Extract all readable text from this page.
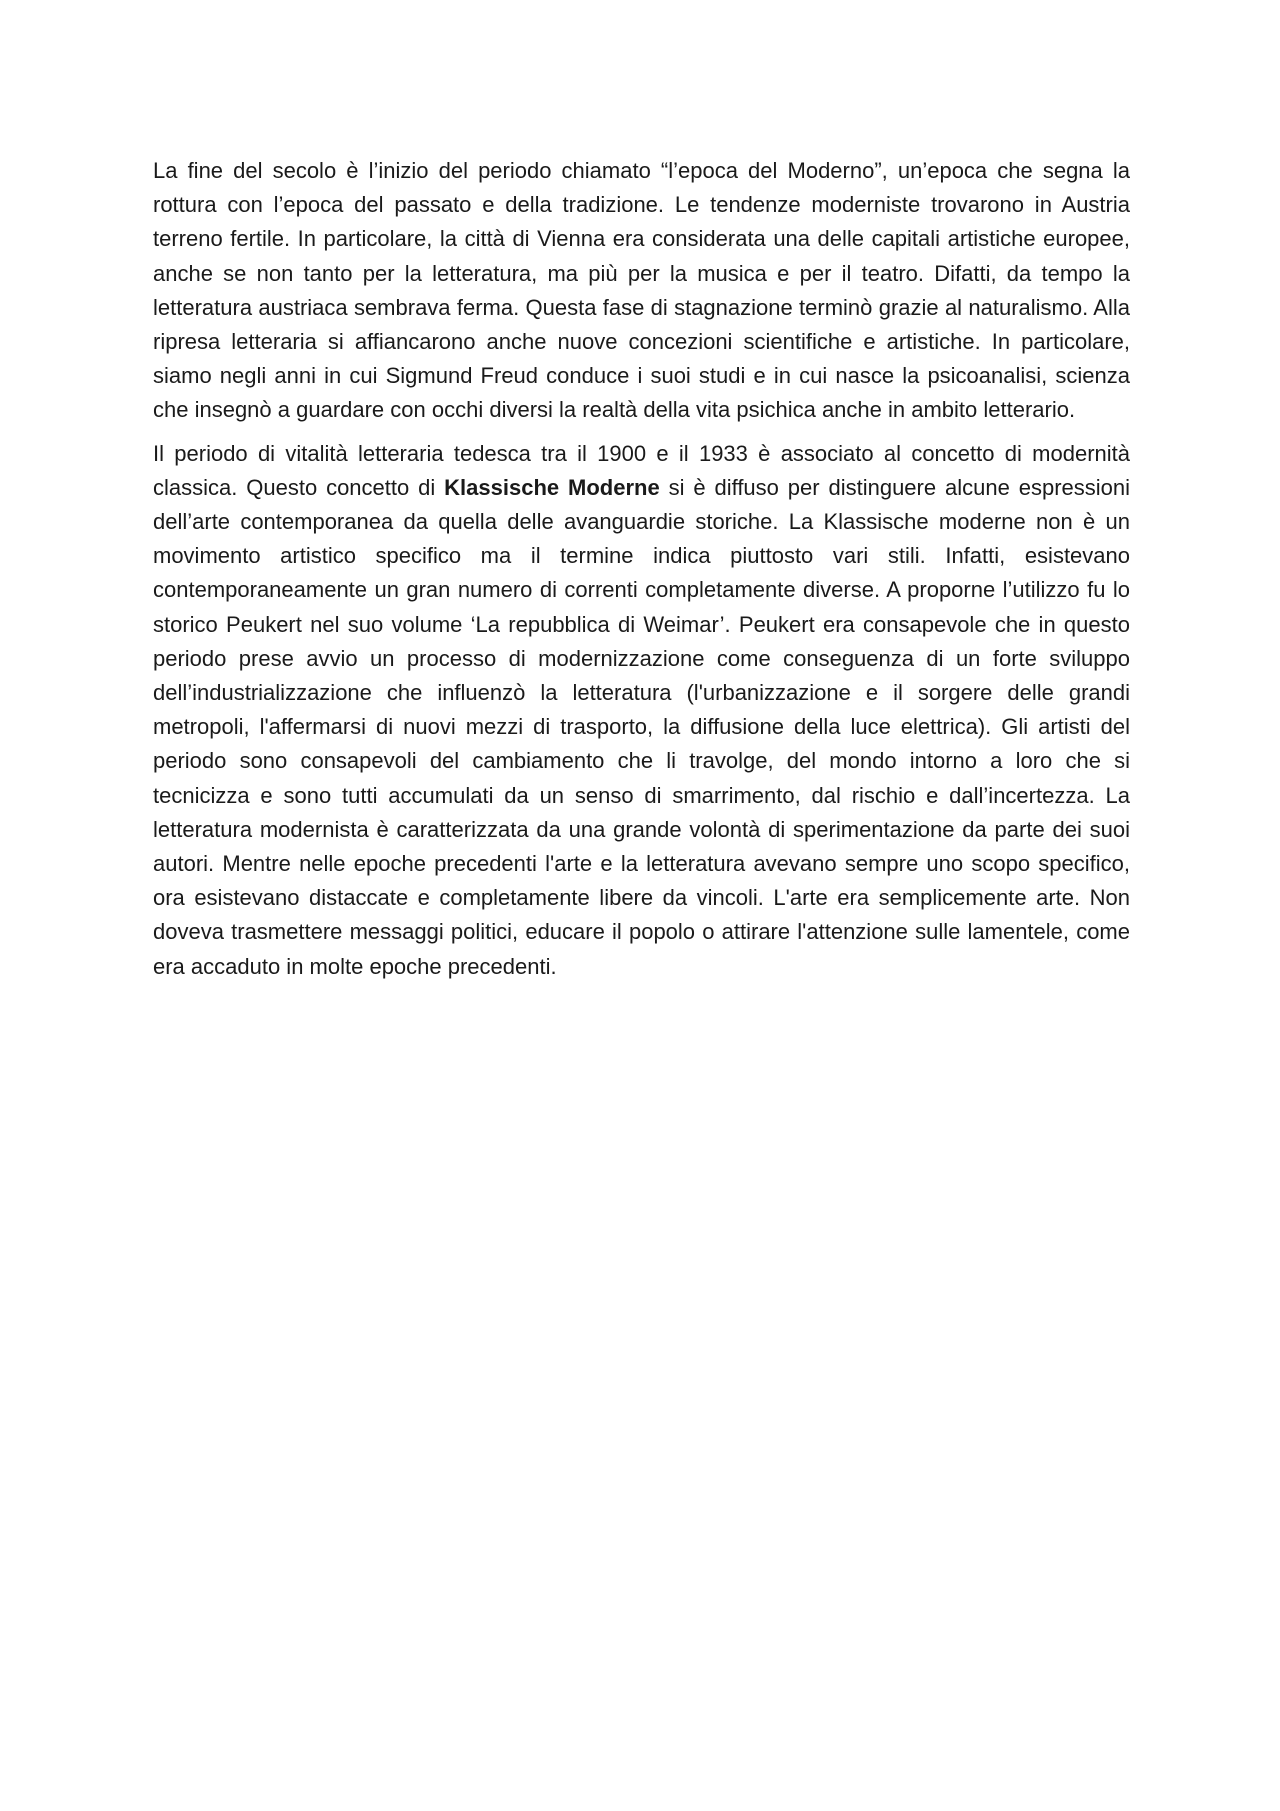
La fine del secolo è l’inizio del periodo chiamato “l’epoca del Moderno”, un’epoca che segna la rottura con l’epoca del passato e della tradizione. Le tendenze moderniste trovarono in Austria terreno fertile. In particolare, la città di Vienna era considerata una delle capitali artistiche europee, anche se non tanto per la letteratura, ma più per la musica e per il teatro. Difatti, da tempo la letteratura austriaca sembrava ferma. Questa fase di stagnazione terminò grazie al naturalismo. Alla ripresa letteraria si affiancarono anche nuove concezioni scientifiche e artistiche. In particolare, siamo negli anni in cui Sigmund Freud conduce i suoi studi e in cui nasce la psicoanalisi, scienza che insegnò a guardare con occhi diversi la realtà della vita psichica anche in ambito letterario.

Il periodo di vitalità letteraria tedesca tra il 1900 e il 1933 è associato al concetto di modernità classica. Questo concetto di Klassische Moderne si è diffuso per distinguere alcune espressioni dell’arte contemporanea da quella delle avanguardie storiche. La Klassische moderne non è un movimento artistico specifico ma il termine indica piuttosto vari stili. Infatti, esistevano contemporaneamente un gran numero di correnti completamente diverse. A proporne l’utilizzo fu lo storico Peukert nel suo volume ‘La repubblica di Weimar’. Peukert era consapevole che in questo periodo prese avvio un processo di modernizzazione come conseguenza di un forte sviluppo dell’industrializzazione che influenzò la letteratura (l'urbanizzazione e il sorgere delle grandi metropoli, l'affermarsi di nuovi mezzi di trasporto, la diffusione della luce elettrica). Gli artisti del periodo sono consapevoli del cambiamento che li travolge, del mondo intorno a loro che si tecnicizza e sono tutti accumulati da un senso di smarrimento, dal rischio e dall’incertezza. La letteratura modernista è caratterizzata da una grande volontà di sperimentazione da parte dei suoi autori. Mentre nelle epoche precedenti l'arte e la letteratura avevano sempre uno scopo specifico, ora esistevano distaccate e completamente libere da vincoli. L'arte era semplicemente arte. Non doveva trasmettere messaggi politici, educare il popolo o attirare l'attenzione sulle lamentele, come era accaduto in molte epoche precedenti.
